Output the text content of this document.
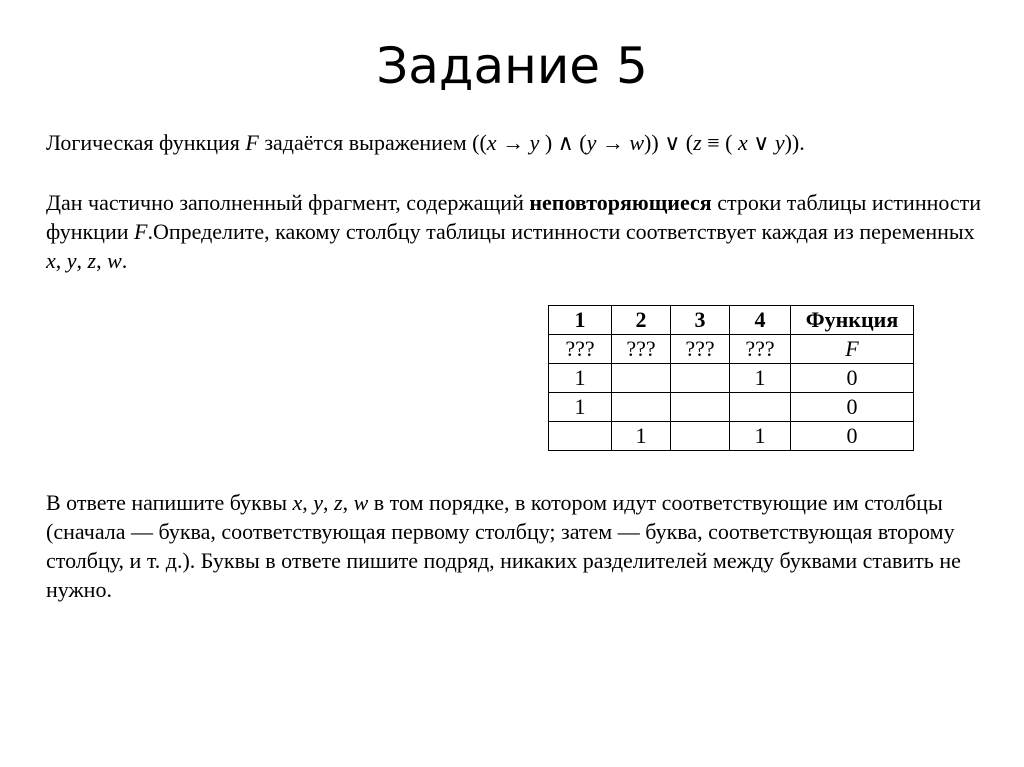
Задание 5

Логическая функция F задаётся выражением ((x → y ) ∧ (y → w)) ∨ (z ≡ ( x ∨ y)).

Дан частично заполненный фрагмент, содержащий неповторяющиеся строки таблицы истинности функции F.Определите, какому столбцу таблицы истинности соответствует каждая из переменных x, y, z, w.

1	2	3	4	Функция
???	???	???	???	F
1			1	0
1				0
	1		1	0

В ответе напишите буквы x, y, z, w в том порядке, в котором идут соответствующие им столбцы (сначала — буква, соответствующая первому столбцу; затем — буква, соответствующая второму столбцу, и т. д.). Буквы в ответе пишите подряд, никаких разделителей между буквами ставить не нужно.
